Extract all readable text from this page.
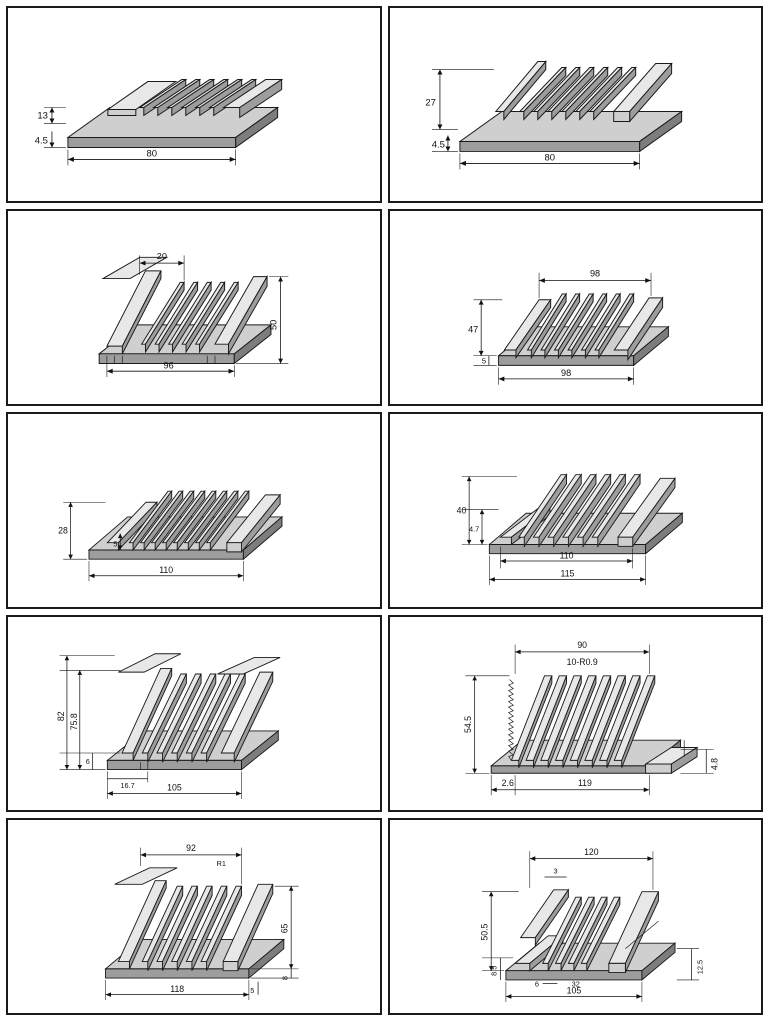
13
4.5
80
27
4.5
80
20
50
96
98
47
5
98
28
5
110
40
4.7
110
115
82 75.8
6
16.7	105
90
10-R0.9
54.5
2.6	119
4.8
92
R1
65
8
5
118
120
3
50.5
8.5
6	32
105
12.5
